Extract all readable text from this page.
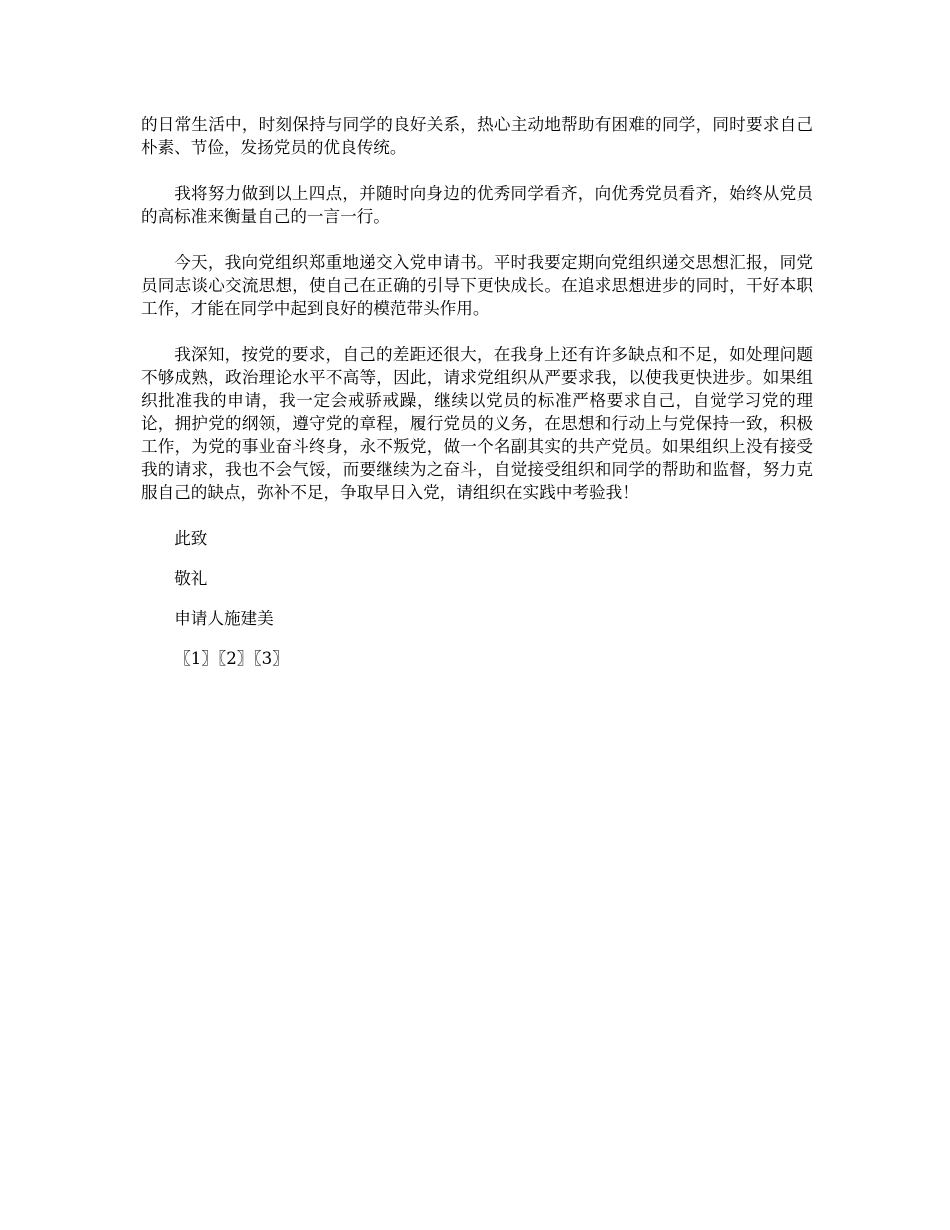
的日常生活中，时刻保持与同学的良好关系，热心主动地帮助有困难的同学，同时要求自己朴素、节俭，发扬党员的优良传统。

我将努力做到以上四点，并随时向身边的优秀同学看齐，向优秀党员看齐，始终从党员的高标准来衡量自己的一言一行。

今天，我向党组织郑重地递交入党申请书。平时我要定期向党组织递交思想汇报，同党员同志谈心交流思想，使自己在正确的引导下更快成长。在追求思想进步的同时，干好本职工作，才能在同学中起到良好的模范带头作用。

我深知，按党的要求，自己的差距还很大，在我身上还有许多缺点和不足，如处理问题不够成熟，政治理论水平不高等，因此，请求党组织从严要求我，以使我更快进步。如果组织批准我的申请，我一定会戒骄戒躁，继续以党员的标准严格要求自己，自觉学习党的理论，拥护党的纲领，遵守党的章程，履行党员的义务，在思想和行动上与党保持一致，积极工作，为党的事业奋斗终身，永不叛党，做一个名副其实的共产党员。如果组织上没有接受我的请求，我也不会气馁，而要继续为之奋斗，自觉接受组织和同学的帮助和监督，努力克服自己的缺点，弥补不足，争取早日入党，请组织在实践中考验我！

此致

敬礼

申请人施建美

〖1〗〖2〗〖3〗
